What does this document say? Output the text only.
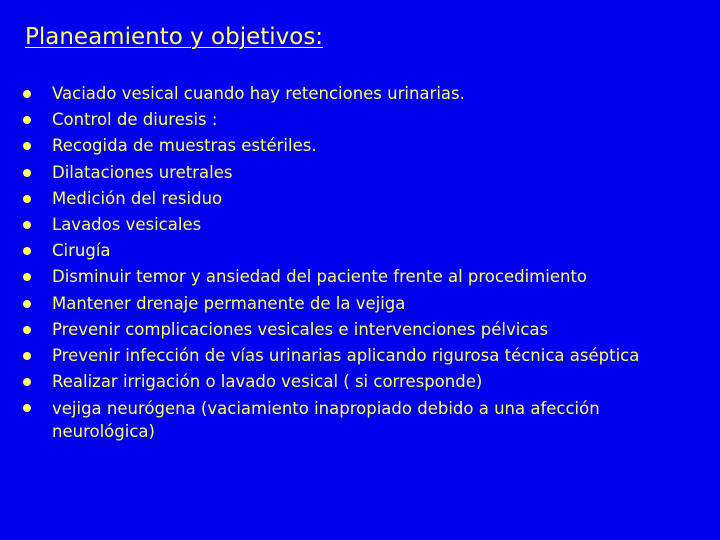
Planeamiento y objetivos:
Vaciado vesical cuando hay retenciones urinarias.
Control de diuresis :
Recogida de muestras estériles.
Dilataciones uretrales
Medición del residuo
Lavados vesicales
Cirugía
Disminuir temor y ansiedad del paciente frente al procedimiento
Mantener drenaje permanente de la vejiga
Prevenir complicaciones vesicales e intervenciones pélvicas
Prevenir infección de vías urinarias aplicando rigurosa técnica aséptica
Realizar irrigación o lavado vesical ( si corresponde)
vejiga neurógena (vaciamiento inapropiado debido a una afección neurológica)
